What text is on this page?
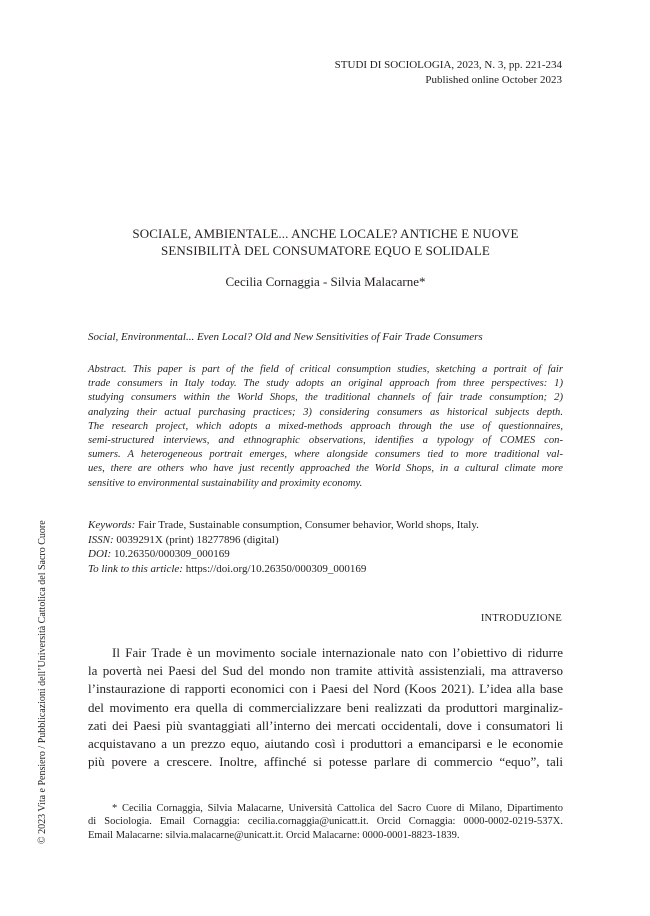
STUDI DI SOCIOLOGIA, 2023, N. 3, pp. 221-234
Published online October 2023
SOCIALE, AMBIENTALE... ANCHE LOCALE? ANTICHE E NUOVE
SENSIBILITÀ DEL CONSUMATORE EQUO E SOLIDALE
Cecilia Cornaggia - Silvia Malacarne*
Social, Environmental... Even Local? Old and New Sensitivities of Fair Trade Consumers
Abstract. This paper is part of the field of critical consumption studies, sketching a portrait of fair
trade consumers in Italy today. The study adopts an original approach from three perspectives: 1)
studying consumers within the World Shops, the traditional channels of fair trade consumption; 2)
analyzing their actual purchasing practices; 3) considering consumers as historical subjects depth.
The research project, which adopts a mixed-methods approach through the use of questionnaires,
semi-structured interviews, and ethnographic observations, identifies a typology of COMES con-
sumers. A heterogeneous portrait emerges, where alongside consumers tied to more traditional val-
ues, there are others who have just recently approached the World Shops, in a cultural climate more
sensitive to environmental sustainability and proximity economy.
Keywords: Fair Trade, Sustainable consumption, Consumer behavior, World shops, Italy.
ISSN: 0039291X (print) 18277896 (digital)
DOI: 10.26350/000309_000169
To link to this article: https://doi.org/10.26350/000309_000169
INTRODUZIONE
Il Fair Trade è un movimento sociale internazionale nato con l’obiettivo di ridurre
la povertà nei Paesi del Sud del mondo non tramite attività assistenziali, ma attraverso
l’instaurazione di rapporti economici con i Paesi del Nord (Koos 2021). L’idea alla base
del movimento era quella di commercializzare beni realizzati da produttori marginaliz-
zati dei Paesi più svantaggiati all’interno dei mercati occidentali, dove i consumatori li
acquistavano a un prezzo equo, aiutando così i produttori a emanciparsi e le economie
più povere a crescere. Inoltre, affinché si potesse parlare di commercio “equo”, tali
* Cecilia Cornaggia, Silvia Malacarne, Università Cattolica del Sacro Cuore di Milano, Dipartimento
di Sociologia. Email Cornaggia: cecilia.cornaggia@unicatt.it. Orcid Cornaggia: 0000-0002-0219-537X.
Email Malacarne: silvia.malacarne@unicatt.it. Orcid Malacarne: 0000-0001-8823-1839.
© 2023 Vita e Pensiero / Pubblicazioni dell’Università Cattolica del Sacro Cuore
